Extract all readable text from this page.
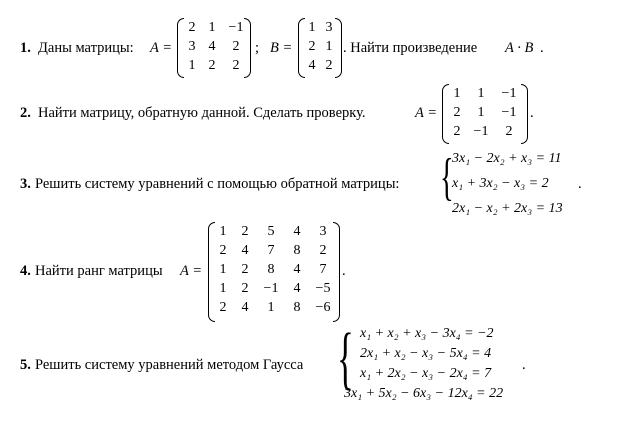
1. Даны матрицы: A =
2 1 −1
3 4	2
1 2	2
; B =
1 3
2 1
4 2
. Найти произведение A · B .
2. Найти матрицу, обратную данной. Сделать проверку.	A =
1	1	−1
2	1	−1
2 −1	2
.
3. Решить систему уравнений с помощью обратной матрицы: {
3x₁ − 2x₂ + x₃ = 11
x₁ + 3x₂ − x₃ = 2
2x₁ − x₂ + 2x₃ = 13
.
4. Найти ранг матрицы A =
1	2	5	4	3
2	4	7	8	2
1	2	8	4	7
1	2	−1	4	−5
2	4	1	8	−6
.
5. Решить систему уравнений методом Гаусса { x₁ + x₂ + x₃ − 3x₄ = −2
2x₁ + x₂ − x₃ − 5x₄ = 4
x₁ + 2x₂ − x₃ − 2x₄ = 7
3x₁ + 5x₂ − 6x₃ − 12x₄ = 22
.
